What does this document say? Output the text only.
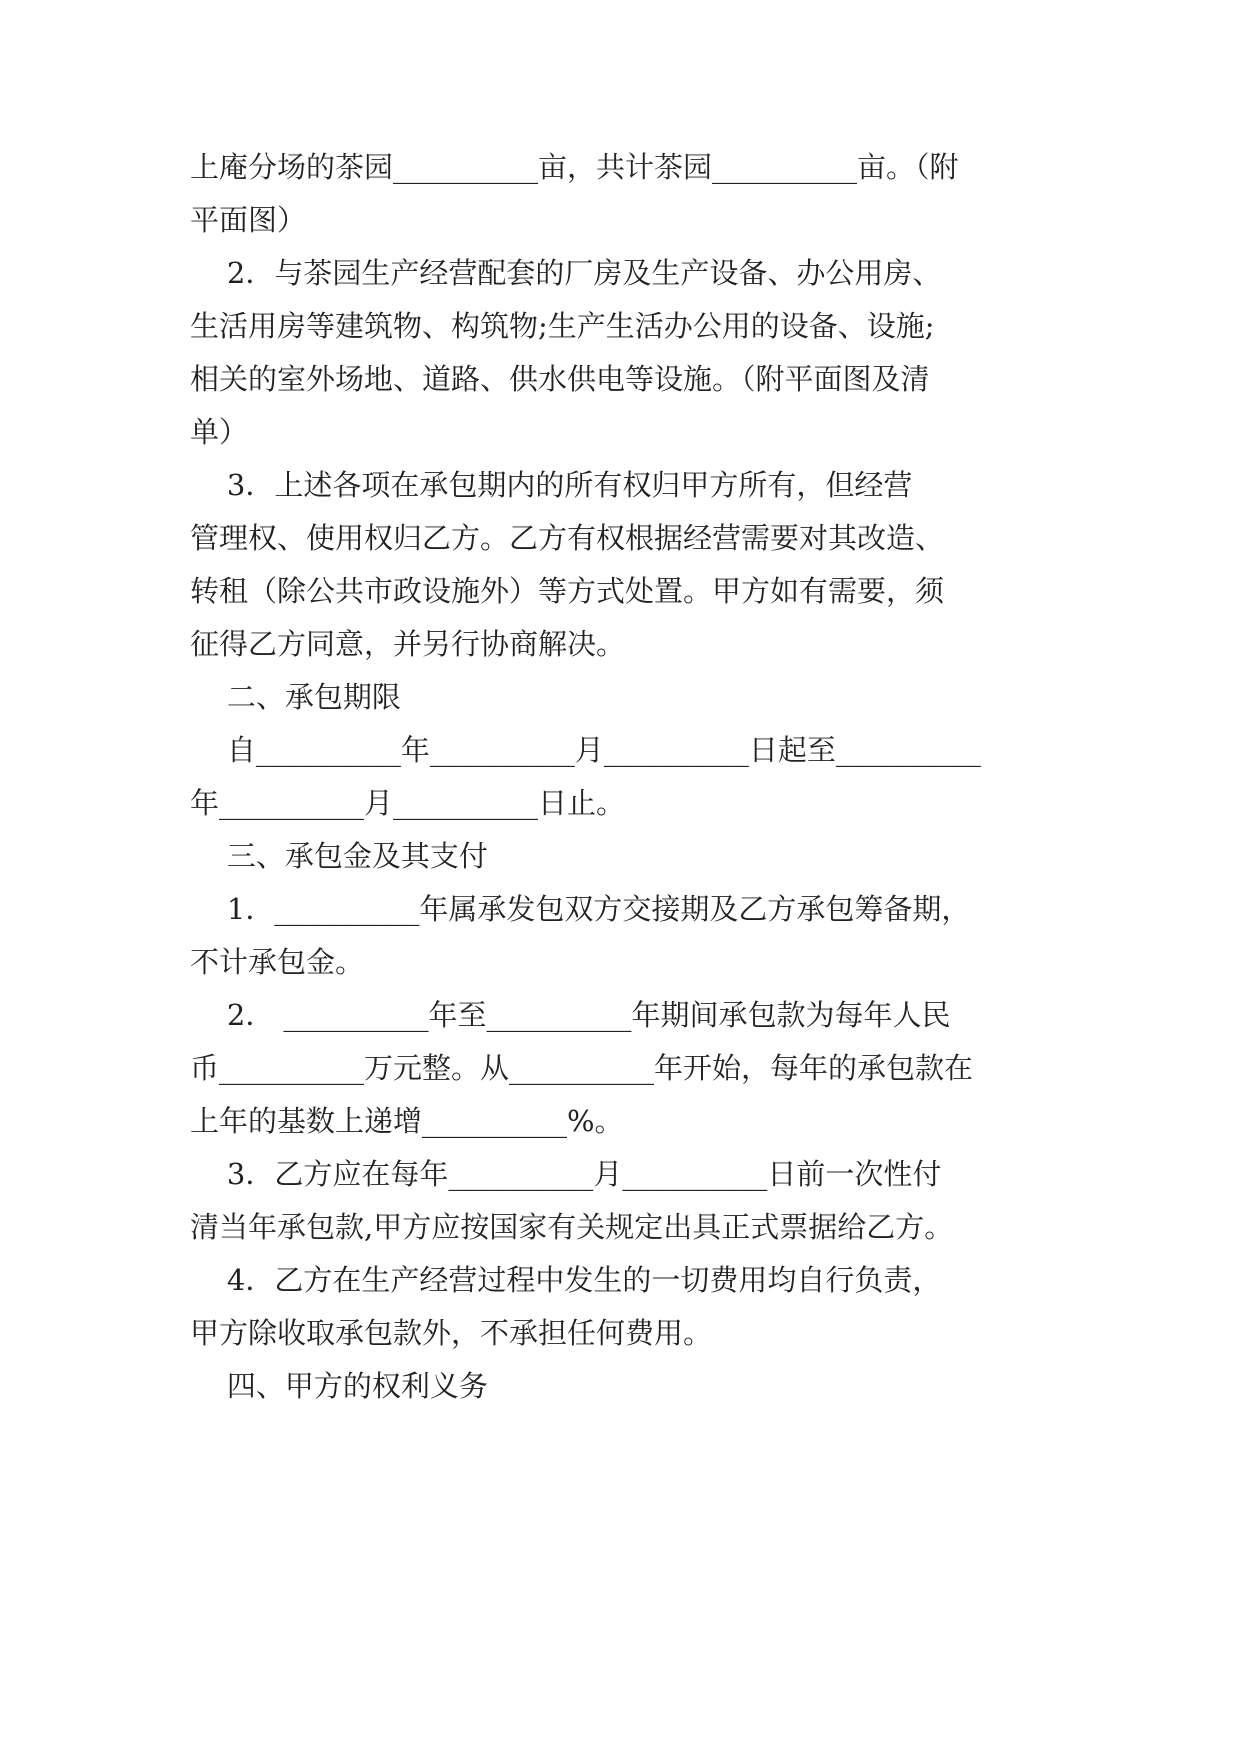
上庵分场的茶园__________亩，共计茶园__________亩。（附
平面图）
2．与茶园生产经营配套的厂房及生产设备、办公用房、
生活用房等建筑物、构筑物;生产生活办公用的设备、设施;
相关的室外场地、道路、供水供电等设施。（附平面图及清
单）
3．上述各项在承包期内的所有权归甲方所有，但经营
管理权、使用权归乙方。乙方有权根据经营需要对其改造、
转租（除公共市政设施外）等方式处置。甲方如有需要，须
征得乙方同意，并另行协商解决。
二、承包期限
自__________年__________月__________日起至__________
年__________月__________日止。
三、承包金及其支付
1．__________年属承发包双方交接期及乙方承包筹备期，
不计承包金。
2． __________年至__________年期间承包款为每年人民
币__________万元整。从__________年开始，每年的承包款在
上年的基数上递增__________%。
3．乙方应在每年__________月__________日前一次性付
清当年承包款,甲方应按国家有关规定出具正式票据给乙方。
4．乙方在生产经营过程中发生的一切费用均自行负责，
甲方除收取承包款外，不承担任何费用。
四、甲方的权利义务
